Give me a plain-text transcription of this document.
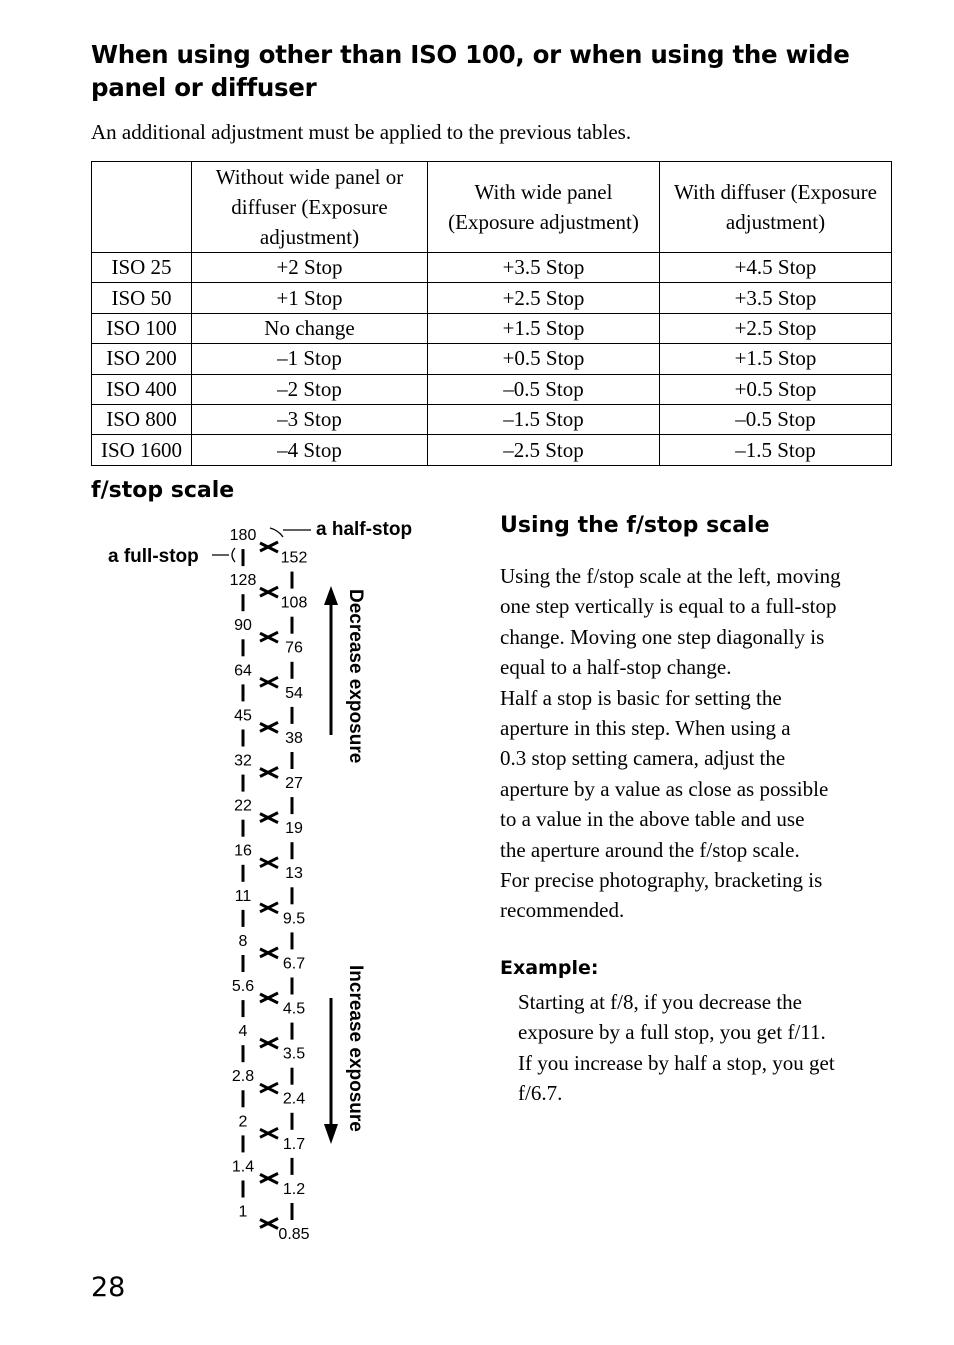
When using other than ISO 100, or when using the wide panel or diffuser
An additional adjustment must be applied to the previous tables.

	Without wide panel or diffuser (Exposure adjustment)	With wide panel (Exposure adjustment)	With diffuser (Exposure adjustment)

ISO 25	+2 Stop	+3.5 Stop	+4.5 Stop
ISO 50	+1 Stop	+2.5 Stop	+3.5 Stop
ISO 100	No change	+1.5 Stop	+2.5 Stop
ISO 200	–1 Stop	+0.5 Stop	+1.5 Stop
ISO 400	–2 Stop	–0.5 Stop	+0.5 Stop
ISO 800	–3 Stop	–1.5 Stop	–0.5 Stop
ISO 1600	–4 Stop	–2.5 Stop	–1.5 Stop
f/stop scale
180
128
90
64
45
32
22
16
11
8
5.6
4
2.8
2
1.4
1
152
108
76
54
38
27
19
13
9.5
6.7
4.5
3.5
2.4
1.7
1.2
0.85
a full-stop
a half-stop
Decrease exposure
Increase exposure
Using the f/stop scale
Using the f/stop scale at the left, moving
one step vertically is equal to a full-stop
change. Moving one step diagonally is
equal to a half-stop change.
Half a stop is basic for setting the
aperture in this step. When using a
0.3 stop setting camera, adjust the
aperture by a value as close as possible
to a value in the above table and use
the aperture around the f/stop scale.
For precise photography, bracketing is
recommended.
Example:
Starting at f/8, if you decrease the
exposure by a full stop, you get f/11.
If you increase by half a stop, you get
f/6.7.
28
